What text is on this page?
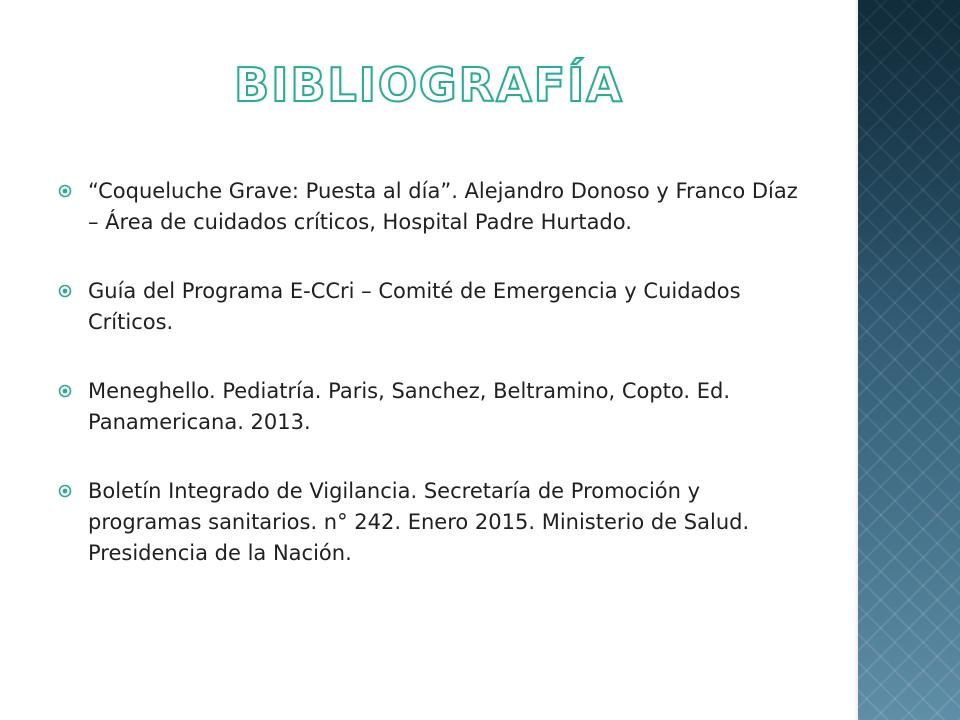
BIBLIOGRAFÍA
“Coqueluche Grave: Puesta al día”. Alejandro Donoso y Franco Díaz – Área de cuidados críticos, Hospital Padre Hurtado.
Guía del Programa E-CCri – Comité de Emergencia y Cuidados Críticos.
Meneghello. Pediatría. Paris, Sanchez, Beltramino, Copto. Ed. Panamericana. 2013.
Boletín Integrado de Vigilancia. Secretaría de Promoción y programas sanitarios. n° 242. Enero 2015. Ministerio de Salud. Presidencia de la Nación.
